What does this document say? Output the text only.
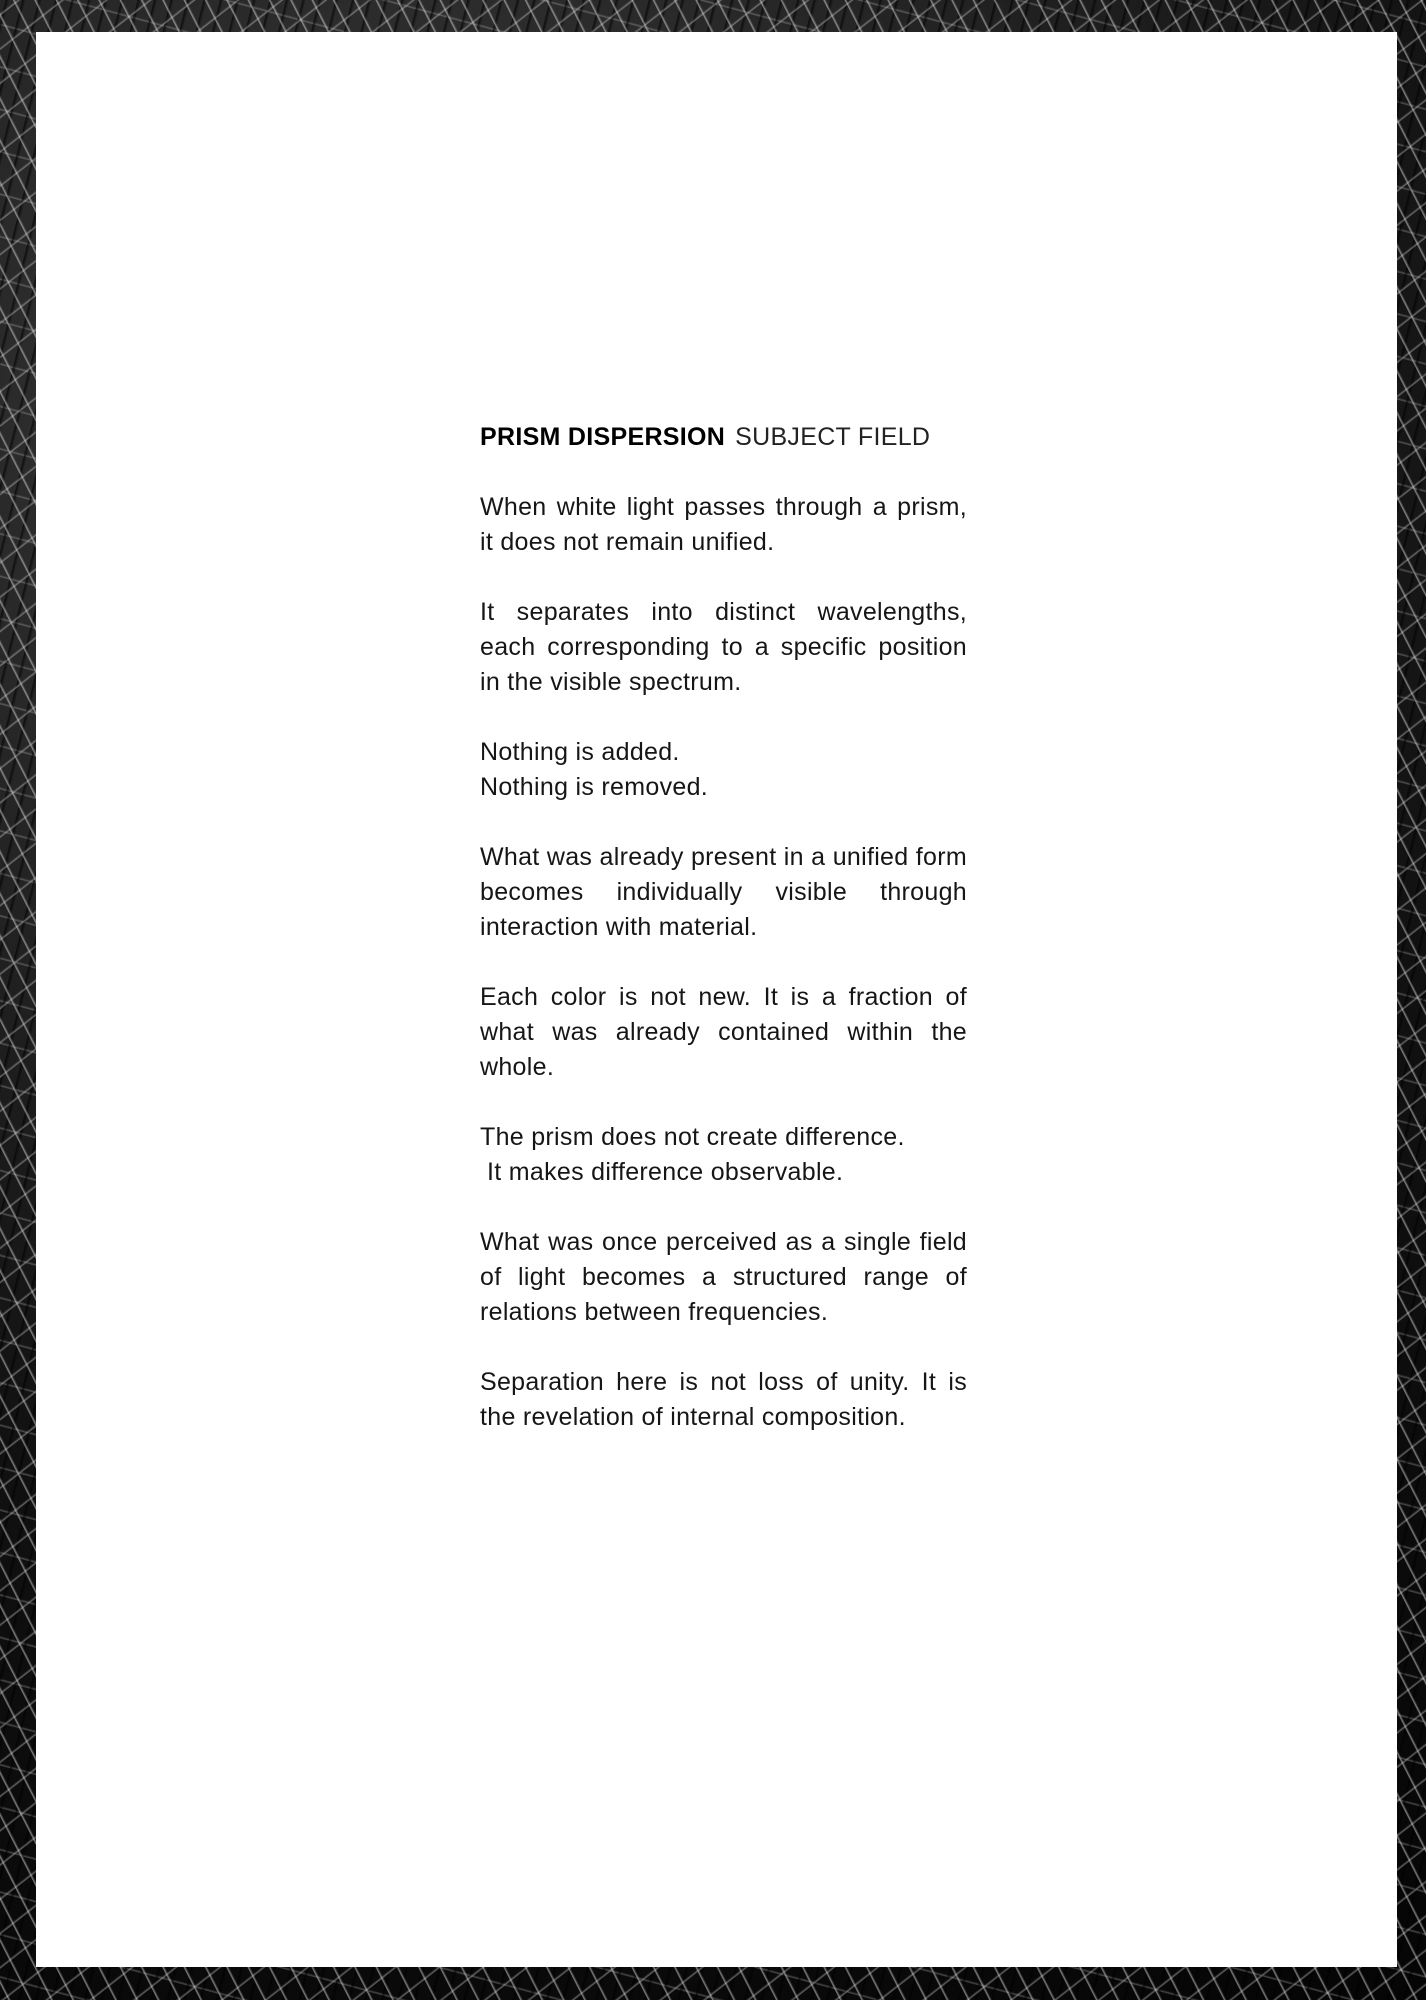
PRISM DISPERSION SUBJECT FIELD

When white light passes through a prism, it does not remain unified.

It separates into distinct wavelengths, each corresponding to a specific position in the visible spectrum.

Nothing is added.
Nothing is removed.

What was already present in a unified form becomes individually visible through interaction with material.

Each color is not new. It is a fraction of what was already contained within the whole.

The prism does not create difference.
It makes difference observable.

What was once perceived as a single field of light becomes a structured range of relations between frequencies.

Separation here is not loss of unity. It is the revelation of internal composition.
